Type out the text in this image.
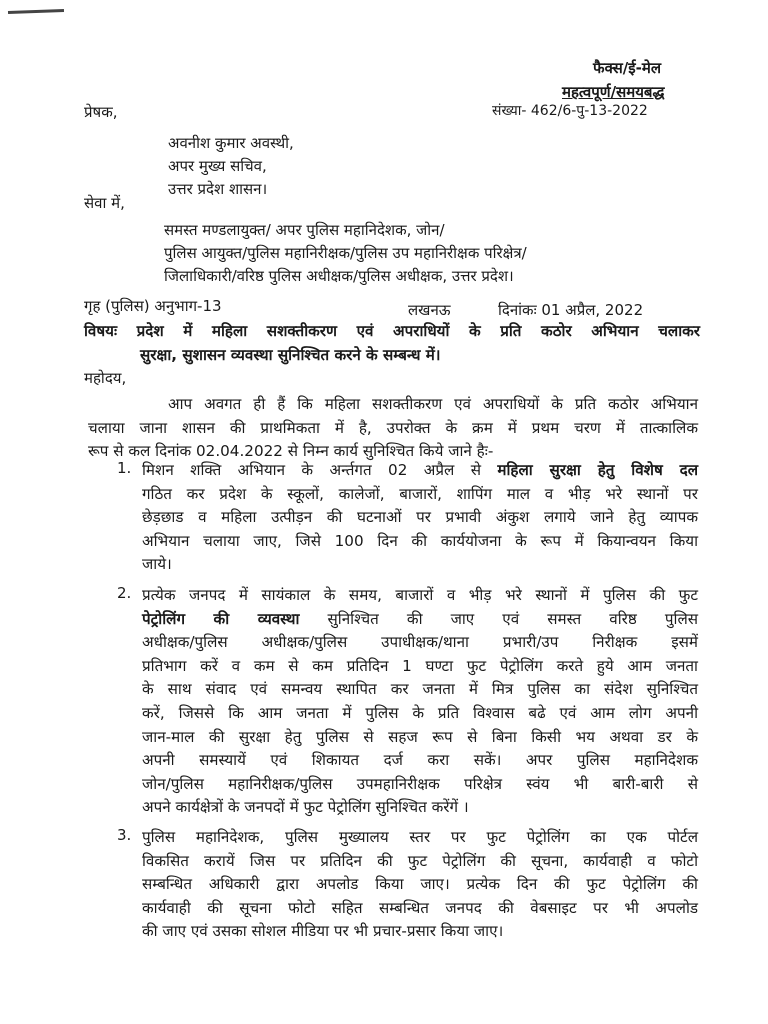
फैक्स/ई-मेल
महत्वपूर्ण/समयबद्ध
संख्या- 462/6-पु-13-2022
प्रेषक,
अवनीश कुमार अवस्थी,
अपर मुख्य सचिव,
उत्तर प्रदेश शासन।
सेवा में,
समस्त मण्डलायुक्त/ अपर पुलिस महानिदेशक, जोन/
पुलिस आयुक्त/पुलिस महानिरीक्षक/पुलिस उप महानिरीक्षक परिक्षेत्र/
जिलाधिकारी/वरिष्ठ पुलिस अधीक्षक/पुलिस अधीक्षक, उत्तर प्रदेश।
गृह (पुलिस) अनुभाग-13	लखनऊ	दिनांकः 01 अप्रैल, 2022
विषयः प्रदेश में महिला सशक्तीकरण एवं अपराधियों के प्रति कठोर अभियान चलाकर
सुरक्षा, सुशासन व्यवस्था सुनिश्चित करने के सम्बन्ध में।
महोदय,
आप अवगत ही हैं कि महिला सशक्तीकरण एवं अपराधियों के प्रति कठोर अभियान
चलाया जाना शासन की प्राथमिकता में है, उपरोक्त के क्रम में प्रथम चरण में तात्कालिक
रूप से कल दिनांक 02.04.2022 से निम्न कार्य सुनिश्चित किये जाने हैः-
1. मिशन शक्ति अभियान के अर्न्तगत 02 अप्रैल से महिला सुरक्षा हेतु विशेष दल
गठित कर प्रदेश के स्कूलों, कालेजों, बाजारों, शापिंग माल व भीड़ भरे स्थानों पर
छेड़छाड व महिला उत्पीड़न की घटनाओं पर प्रभावी अंकुश लगाये जाने हेतु व्यापक
अभियान चलाया जाए, जिसे 100 दिन की कार्ययोजना के रूप में कियान्वयन किया
जाये।
2. प्रत्येक जनपद में सायंकाल के समय, बाजारों व भीड़ भरे स्थानों में पुलिस की फुट
पेट्रोलिंग की व्यवस्था सुनिश्चित की जाए एवं समस्त वरिष्ठ पुलिस
अधीक्षक/पुलिस अधीक्षक/पुलिस उपाधीक्षक/थाना प्रभारी/उप निरीक्षक इसमें
प्रतिभाग करें व कम से कम प्रतिदिन 1 घण्टा फुट पेट्रोलिंग करते हुये आम जनता
के साथ संवाद एवं समन्वय स्थापित कर जनता में मित्र पुलिस का संदेश सुनिश्चित
करें, जिससे कि आम जनता में पुलिस के प्रति विश्वास बढे एवं आम लोग अपनी
जान-माल की सुरक्षा हेतु पुलिस से सहज रूप से बिना किसी भय अथवा डर के
अपनी समस्यायें एवं शिकायत दर्ज करा सकें। अपर पुलिस महानिदेशक
जोन/पुलिस महानिरीक्षक/पुलिस उपमहानिरीक्षक परिक्षेत्र स्वंय भी बारी-बारी से
अपने कार्यक्षेत्रों के जनपदों में फुट पेट्रोलिंग सुनिश्चित करेंगें ।
3. पुलिस महानिदेशक, पुलिस मुख्यालय स्तर पर फुट पेट्रोलिंग का एक पोर्टल
विकसित करायें जिस पर प्रतिदिन की फुट पेट्रोलिंग की सूचना, कार्यवाही व फोटो
सम्बन्धित अधिकारी द्वारा अपलोड किया जाए। प्रत्येक दिन की फुट पेट्रोलिंग की
कार्यवाही की सूचना फोटो सहित सम्बन्धित जनपद की वेबसाइट पर भी अपलोड
की जाए एवं उसका सोशल मीडिया पर भी प्रचार-प्रसार किया जाए।
